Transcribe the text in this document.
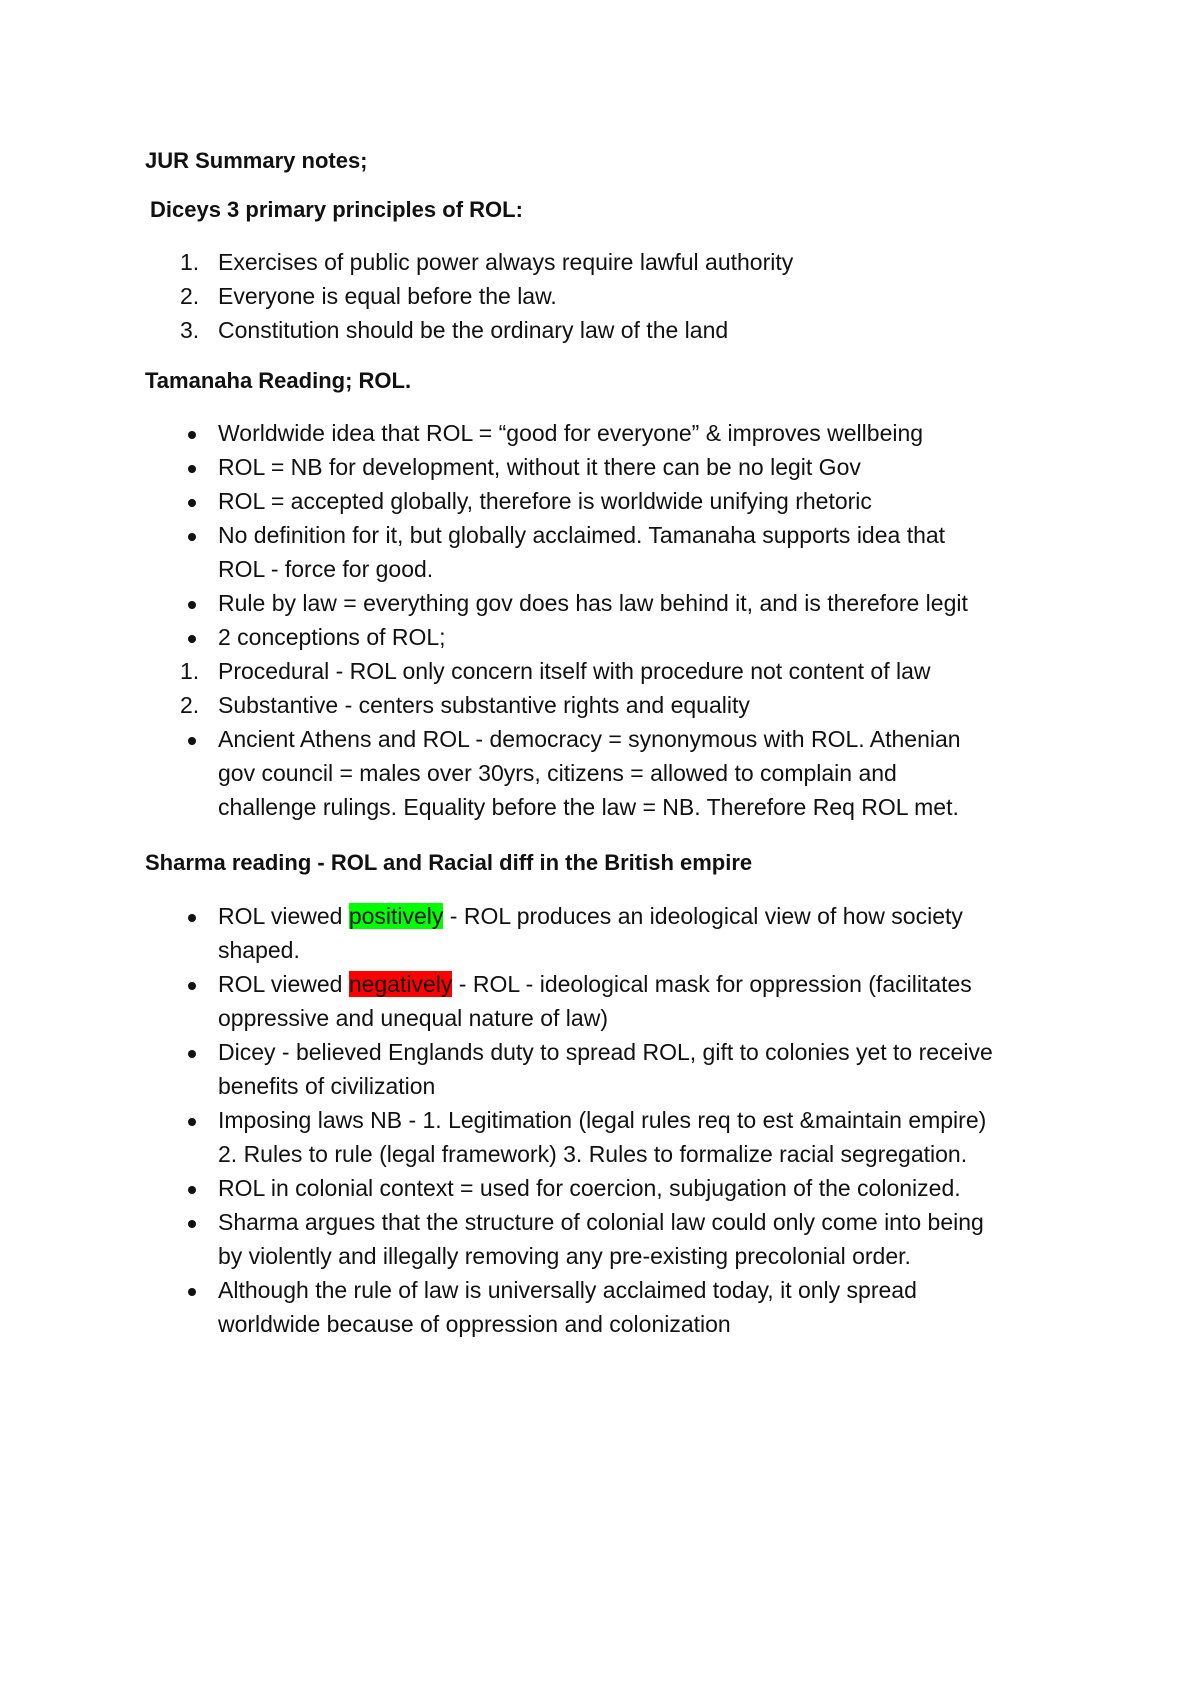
JUR Summary notes;
Diceys 3 primary principles of ROL:
1. Exercises of public power always require lawful authority
2. Everyone is equal before the law.
3. Constitution should be the ordinary law of the land
Tamanaha Reading; ROL.
Worldwide idea that ROL = “good for everyone” & improves wellbeing
ROL = NB for development, without it there can be no legit Gov
ROL = accepted globally, therefore is worldwide unifying rhetoric
No definition for it, but globally acclaimed. Tamanaha supports idea that
ROL - force for good.
Rule by law = everything gov does has law behind it, and is therefore legit
2 conceptions of ROL;
1. Procedural - ROL only concern itself with procedure not content of law
2. Substantive - centers substantive rights and equality
Ancient Athens and ROL - democracy = synonymous with ROL. Athenian
gov council = males over 30yrs, citizens = allowed to complain and
challenge rulings. Equality before the law = NB. Therefore Req ROL met.
Sharma reading - ROL and Racial diff in the British empire
ROL viewed positively - ROL produces an ideological view of how society
shaped.
ROL viewed negatively - ROL - ideological mask for oppression (facilitates
oppressive and unequal nature of law)
Dicey - believed Englands duty to spread ROL, gift to colonies yet to receive
benefits of civilization
Imposing laws NB - 1. Legitimation (legal rules req to est &maintain empire)
2. Rules to rule (legal framework) 3. Rules to formalize racial segregation.
ROL in colonial context = used for coercion, subjugation of the colonized.
Sharma argues that the structure of colonial law could only come into being
by violently and illegally removing any pre-existing precolonial order.
Although the rule of law is universally acclaimed today, it only spread
worldwide because of oppression and colonization
